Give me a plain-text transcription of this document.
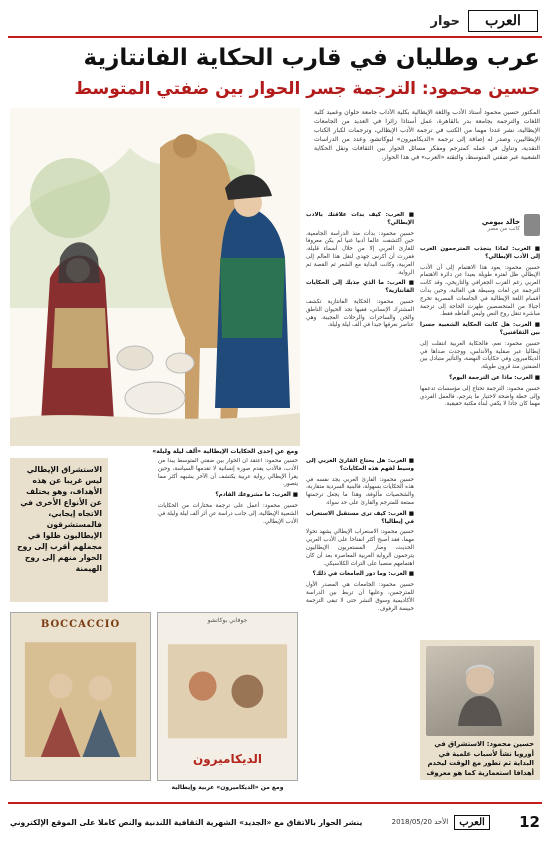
العرب
حوار
عرب وطليان في قارب الحكاية الفانتازية
حسين محمود: الترجمة جسر الحوار بين ضفتي المتوسط
المكتور حسين محمود أستاذ الأدب واللغة الإيطالية بكلية الآداب جامعة حلوان وعميد كلية اللغات والترجمة بجامعة بدر بالقاهرة، عمل أستاذا زائرا في العديد من الجامعات الإيطالية، نشر عددا مهما من الكتب في ترجمة الأدب الإيطالي، وترجمات لكبار الكتاب الإيطاليين، وصدر له إضافة إلى ترجمة «الديكاميرون» لبوكاتشو، وعدد من الدراسات النقدية، وتناول في عمله كمترجم ومفكر مسائل الحوار بين الثقافات ونقل الحكاية الشعبية عبر ضفتي المتوسط، والتقته «العرب» في هذا الحوار.
خالد بيومي
كاتب من مصر

■ العرب: كيف بدأت علاقتك بالأدب الإيطالي؟

حسين محمود: بدأت منذ الدراسة الجامعية، حين اكتشفت عالما أدبيا غنيا لم يكن معروفا للقارئ العربي إلا من خلال أسماء قليلة، فقررت أن أكرس جهدي لنقل هذا العالم إلى العربية، وكانت البداية مع الشعر ثم القصة ثم الرواية.

■ العرب: ما الذي جذبك إلى الحكايات الفانتازية؟

حسين محمود: الحكاية الفانتازية تكشف المشترك الإنساني، ففيها نجد الحيوان الناطق والجن والساحرات والرحلات العجيبة، وهي عناصر نعرفها جيدا في ألف ليلة وليلة.

■ العرب: لماذا ينجذب المترجمون العرب إلى الأدب الإيطالي؟

حسين محمود: يعود هذا الاهتمام إلى أن الأدب الإيطالي ظل لفترة طويلة بعيدا عن دائرة الاهتمام العربي رغم القرب الجغرافي والتاريخي، وقد كانت الترجمة عن لغات وسيطة هي الغالبة، وحين بدأت أقسام اللغة الإيطالية في الجامعات المصرية تخرج أجيالا من المتخصصين ظهرت الحاجة إلى ترجمة مباشرة تنقل روح النص وليس ألفاظه فقط.

■ العرب: هل كانت الحكاية الشعبية جسرا بين الثقافتين؟

حسين محمود: نعم، فالحكاية العربية انتقلت إلى إيطاليا عبر صقلية والأندلس، ووجدت صداها في الديكاميرون وفي حكايات النهضة، والتأثير متبادل بين الضفتين منذ قرون طويلة.

■ العرب: ماذا عن الترجمة اليوم؟

حسين محمود: الترجمة تحتاج إلى مؤسسات تدعمها وإلى خطة واضحة لاختيار ما يترجم، فالعمل الفردي مهما كان جادا لا يكفي لبناء مكتبة حقيقية.

■ العرب: هل يحتاج القارئ العربي إلى وسيط لفهم هذه الحكايات؟

حسين محمود: القارئ العربي يجد نفسه في هذه الحكايات بسهولة، فالبنية السردية متقاربة، والشخصيات مألوفة، وهذا ما يجعل ترجمتها ممتعة للمترجم والقارئ على حد سواء.

■ العرب: كيف ترى مستقبل الاستعراب في إيطاليا؟

حسين محمود: الاستعراب الإيطالي يشهد تحولا مهما، فقد أصبح أكثر انفتاحا على الأدب العربي الحديث، وصار المستعربون الإيطاليون يترجمون الرواية العربية المعاصرة بعد أن كان اهتمامهم منصبا على التراث الكلاسيكي.

■ العرب: وما دور الجامعات في ذلك؟

حسين محمود: الجامعات هي المصدر الأول للمترجمين، وعليها أن تربط بين الدراسة الأكاديمية وسوق النشر حتى لا تبقى الترجمة حبيسة الرفوف.

حسين محمود: أعتقد أن الحوار بين ضفتي المتوسط يبدأ من الأدب، فالأدب يقدم صورة إنسانية لا تقدمها السياسة، وحين يقرأ الإيطالي رواية عربية يكتشف أن الآخر يشبهه أكثر مما يتصور.

■ العرب: ما مشروعك القادم؟

حسين محمود: أعمل على ترجمة مختارات من الحكايات الشعبية الإيطالية، إلى جانب دراسة عن أثر ألف ليلة وليلة في الأدب الإيطالي.

ومع عن إحدى الحكايات الإيطالية «ألف ليلة وليلة»
الاستشراق الإيطالي ليس غريبا عن هذه الأهداف، وهو يختلف عن الأنواع الأخرى في الاتجاه إيجابي، فالمستشرقون الإيطاليون ظلوا في مجملهم أقرب إلى روح الحوار منهم إلى روح الهيمنة
حسين محمود: الاستشراق في أوروبا نشأ لأسباب علمية في البداية ثم تطور مع الوقت ليخدم أهدافا استعمارية كما هو معروف
جوفاني بوكاتشو
الديكاميرون
ومع من «الديكاميرون» عربية وإيطالية
BOCCACCIO
12
العرب
الأحد 2018/05/20
ينشر الحوار بالاتفاق مع «الجديد» الشهرية الثقافية اللندنية والنص كاملا على الموقع الإلكتروني
